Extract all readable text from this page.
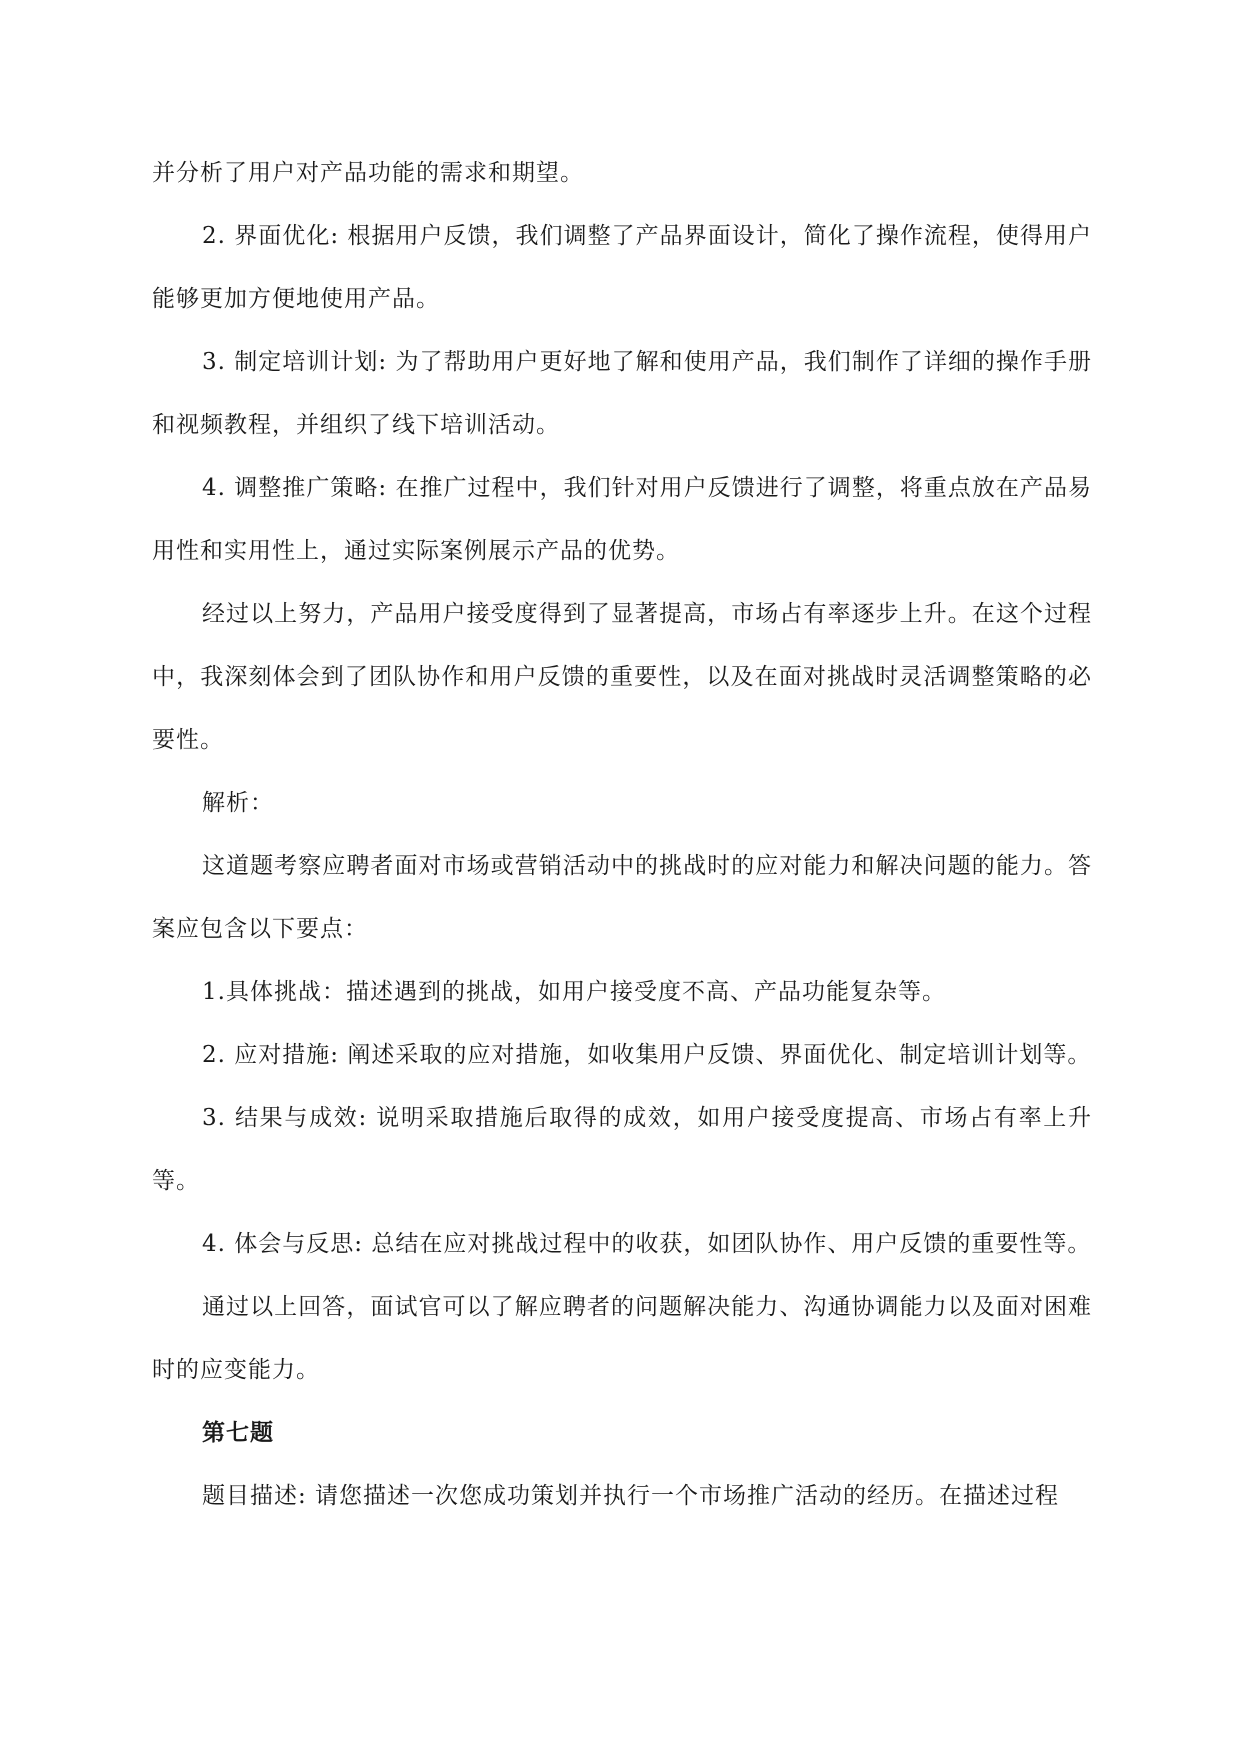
并分析了用户对产品功能的需求和期望。

2. 界面优化: 根据用户反馈，我们调整了产品界面设计，简化了操作流程，使得用户能够更加方便地使用产品。

3. 制定培训计划: 为了帮助用户更好地了解和使用产品，我们制作了详细的操作手册和视频教程，并组织了线下培训活动。

4. 调整推广策略: 在推广过程中，我们针对用户反馈进行了调整，将重点放在产品易用性和实用性上，通过实际案例展示产品的优势。

经过以上努力，产品用户接受度得到了显著提高，市场占有率逐步上升。在这个过程中，我深刻体会到了团队协作和用户反馈的重要性，以及在面对挑战时灵活调整策略的必要性。

解析：

这道题考察应聘者面对市场或营销活动中的挑战时的应对能力和解决问题的能力。答案应包含以下要点：

1.具体挑战：描述遇到的挑战，如用户接受度不高、产品功能复杂等。

2. 应对措施: 阐述采取的应对措施，如收集用户反馈、界面优化、制定培训计划等。

3. 结果与成效: 说明采取措施后取得的成效，如用户接受度提高、市场占有率上升等。

4. 体会与反思: 总结在应对挑战过程中的收获，如团队协作、用户反馈的重要性等。

通过以上回答，面试官可以了解应聘者的问题解决能力、沟通协调能力以及面对困难时的应变能力。

第七题

题目描述: 请您描述一次您成功策划并执行一个市场推广活动的经历。在描述过程
